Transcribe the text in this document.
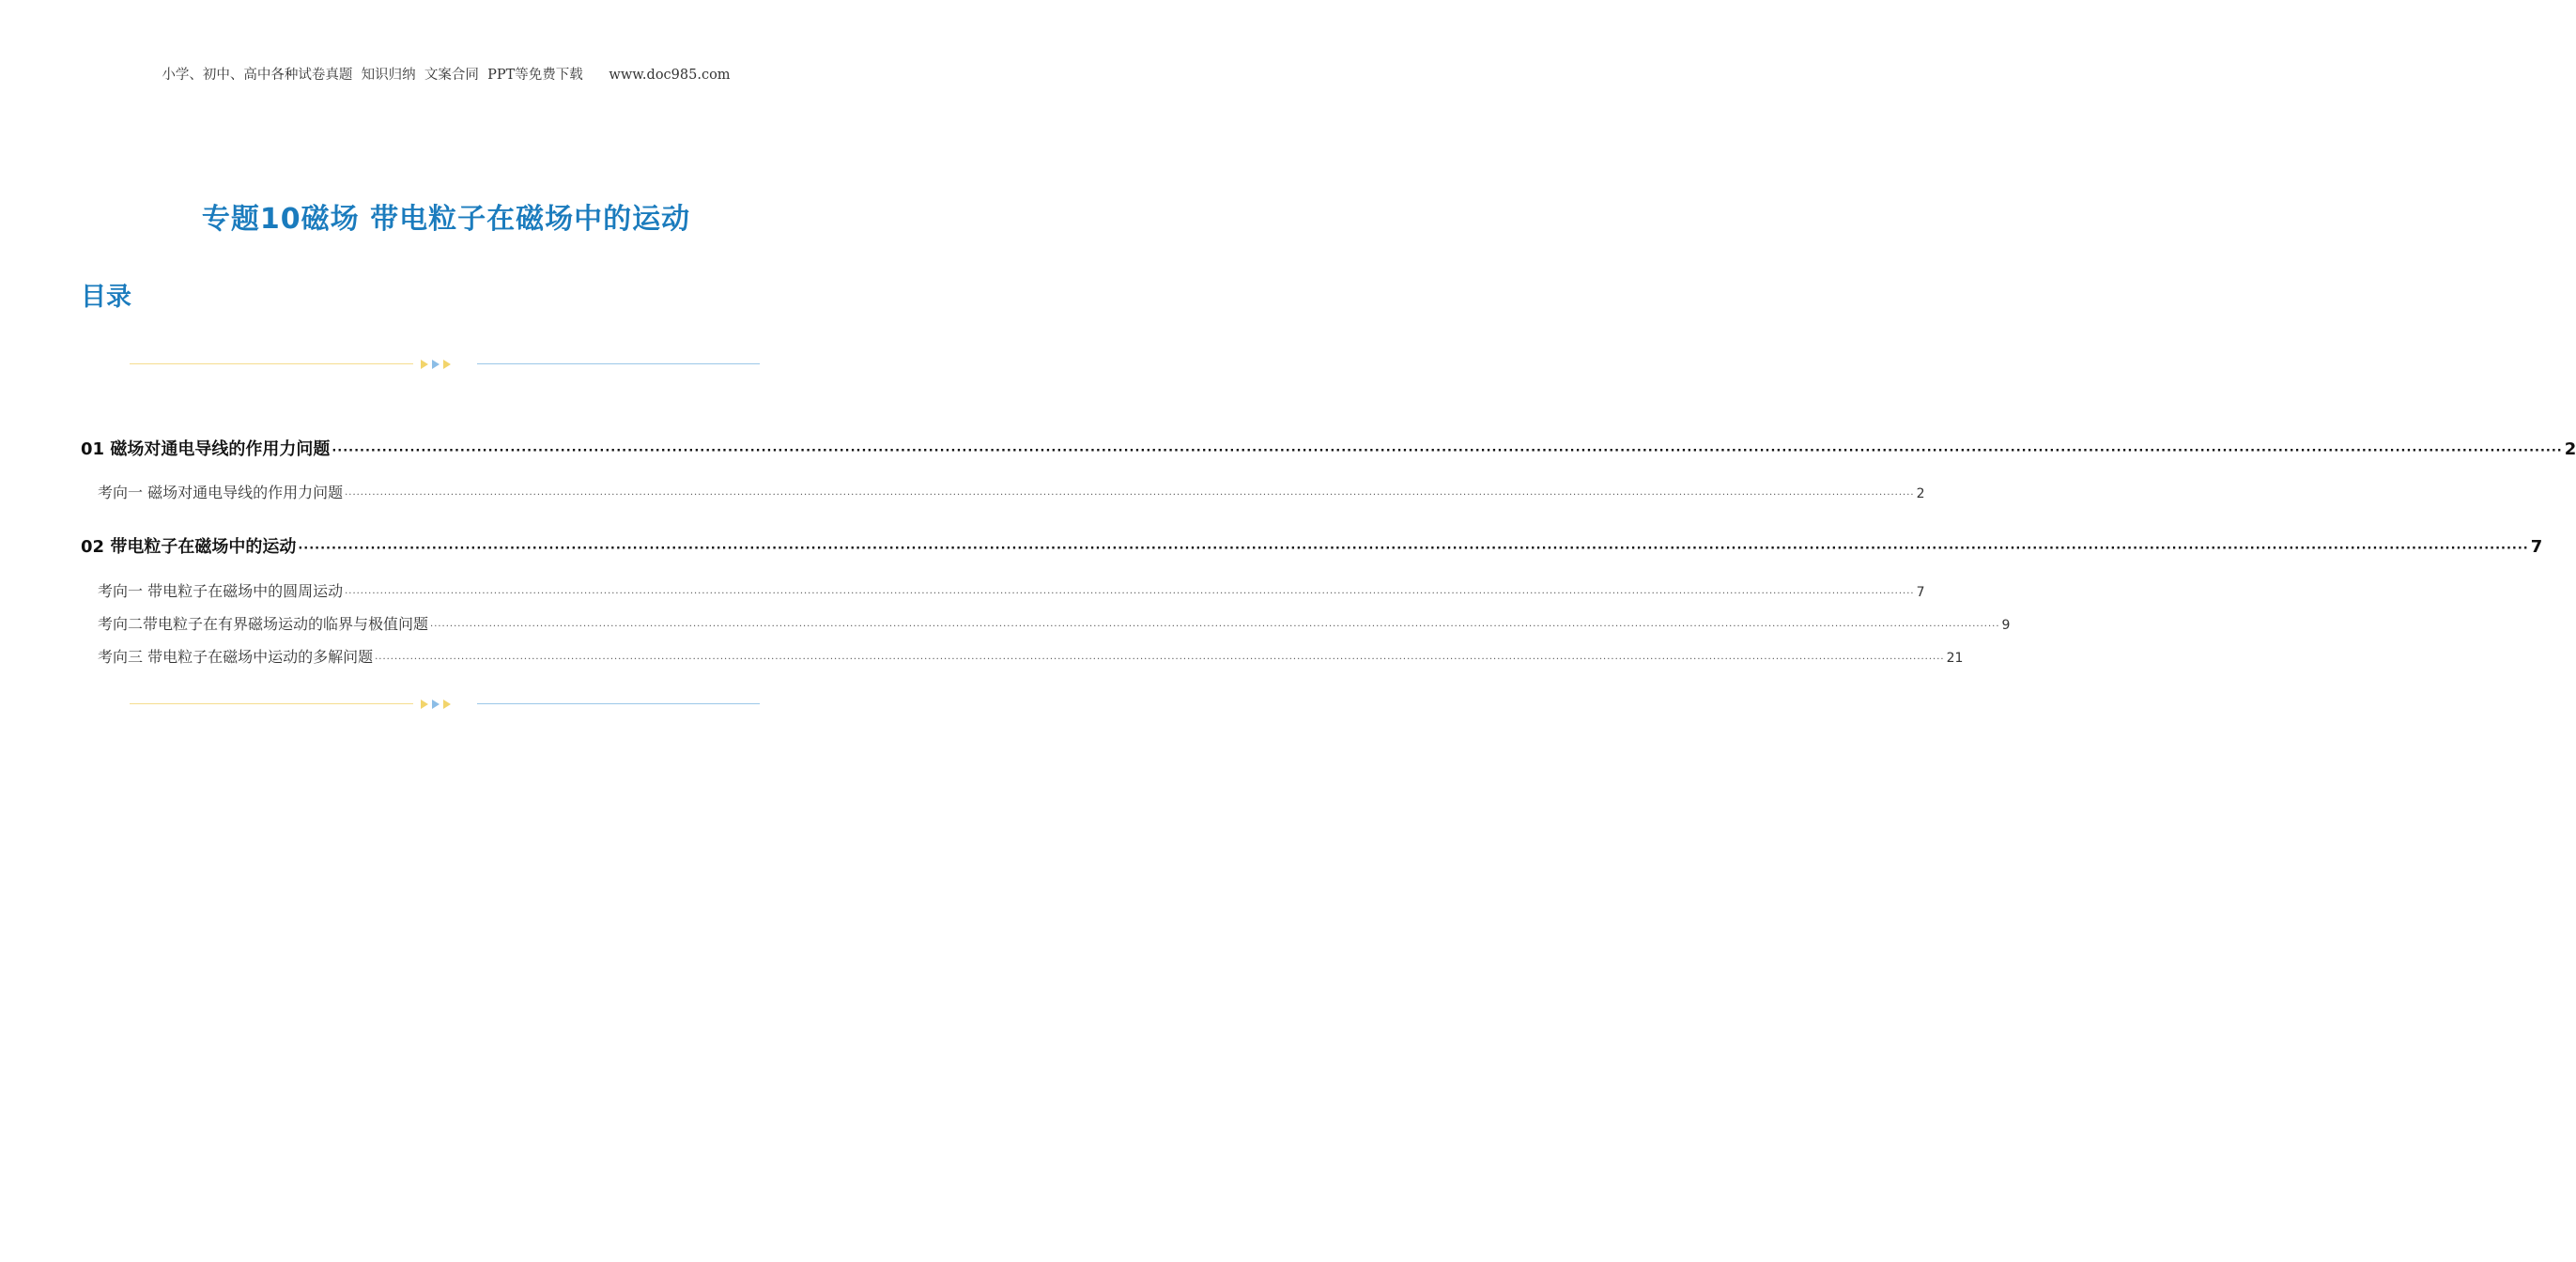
小学、初中、高中各种试卷真题  知识归纳  文案合同  PPT等免费下载      www.doc985.com
专题10磁场 带电粒子在磁场中的运动
目录
01 磁场对通电导线的作用力问题 ················································································································································································································································································································································································································ 2
考向一 磁场对通电导线的作用力问题 ················································································································································································································································································································································································································ 2
02 带电粒子在磁场中的运动 ················································································································································································································································································································································································································ 7
考向一 带电粒子在磁场中的圆周运动 ················································································································································································································································································································································································································ 7
考向二带电粒子在有界磁场运动的临界与极值问题 ················································································································································································································································································································································································································ 9
考向三 带电粒子在磁场中运动的多解问题 ················································································································································································································································································································································································································ 21
